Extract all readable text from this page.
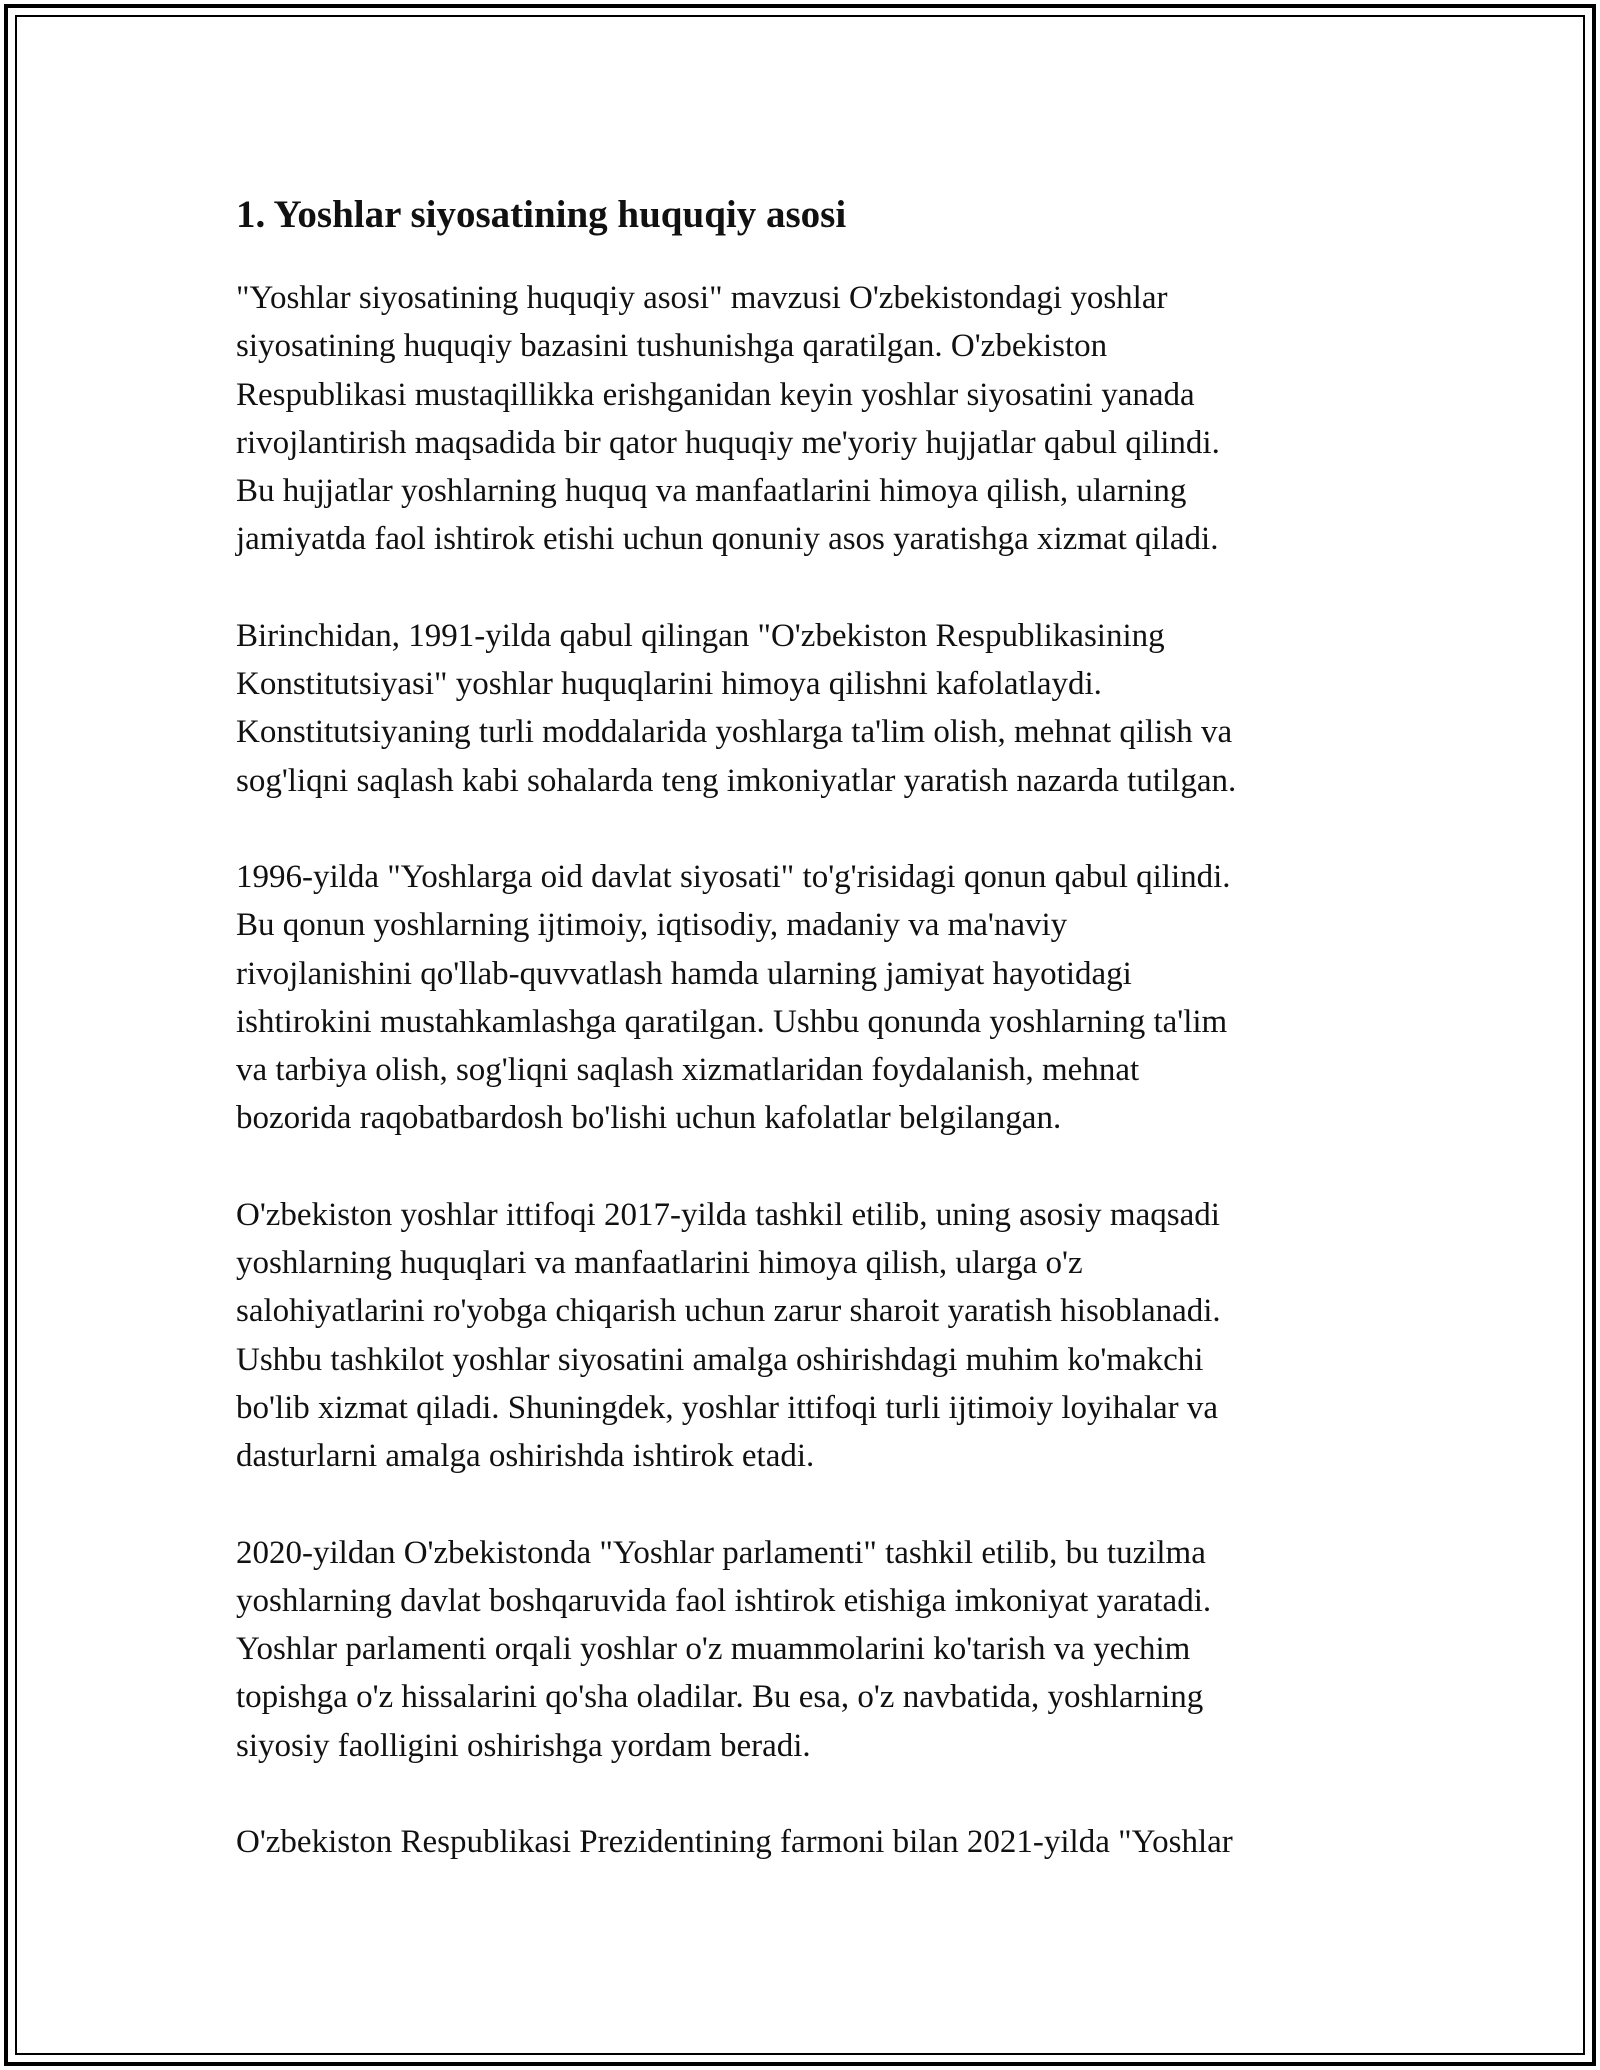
1. Yoshlar siyosatining huquqiy asosi

"Yoshlar siyosatining huquqiy asosi" mavzusi O'zbekistondagi yoshlar
siyosatining huquqiy bazasini tushunishga qaratilgan. O'zbekiston
Respublikasi mustaqillikka erishganidan keyin yoshlar siyosatini yanada
rivojlantirish maqsadida bir qator huquqiy me'yoriy hujjatlar qabul qilindi.
Bu hujjatlar yoshlarning huquq va manfaatlarini himoya qilish, ularning
jamiyatda faol ishtirok etishi uchun qonuniy asos yaratishga xizmat qiladi.

Birinchidan, 1991-yilda qabul qilingan "O'zbekiston Respublikasining
Konstitutsiyasi" yoshlar huquqlarini himoya qilishni kafolatlaydi.
Konstitutsiyaning turli moddalarida yoshlarga ta'lim olish, mehnat qilish va
sog'liqni saqlash kabi sohalarda teng imkoniyatlar yaratish nazarda tutilgan.

1996-yilda "Yoshlarga oid davlat siyosati" to'g'risidagi qonun qabul qilindi.
Bu qonun yoshlarning ijtimoiy, iqtisodiy, madaniy va ma'naviy
rivojlanishini qo'llab-quvvatlash hamda ularning jamiyat hayotidagi
ishtirokini mustahkamlashga qaratilgan. Ushbu qonunda yoshlarning ta'lim
va tarbiya olish, sog'liqni saqlash xizmatlaridan foydalanish, mehnat
bozorida raqobatbardosh bo'lishi uchun kafolatlar belgilangan.

O'zbekiston yoshlar ittifoqi 2017-yilda tashkil etilib, uning asosiy maqsadi
yoshlarning huquqlari va manfaatlarini himoya qilish, ularga o'z
salohiyatlarini ro'yobga chiqarish uchun zarur sharoit yaratish hisoblanadi.
Ushbu tashkilot yoshlar siyosatini amalga oshirishdagi muhim ko'makchi
bo'lib xizmat qiladi. Shuningdek, yoshlar ittifoqi turli ijtimoiy loyihalar va
dasturlarni amalga oshirishda ishtirok etadi.

2020-yildan O'zbekistonda "Yoshlar parlamenti" tashkil etilib, bu tuzilma
yoshlarning davlat boshqaruvida faol ishtirok etishiga imkoniyat yaratadi.
Yoshlar parlamenti orqali yoshlar o'z muammolarini ko'tarish va yechim
topishga o'z hissalarini qo'sha oladilar. Bu esa, o'z navbatida, yoshlarning
siyosiy faolligini oshirishga yordam beradi.

O'zbekiston Respublikasi Prezidentining farmoni bilan 2021-yilda "Yoshlar
